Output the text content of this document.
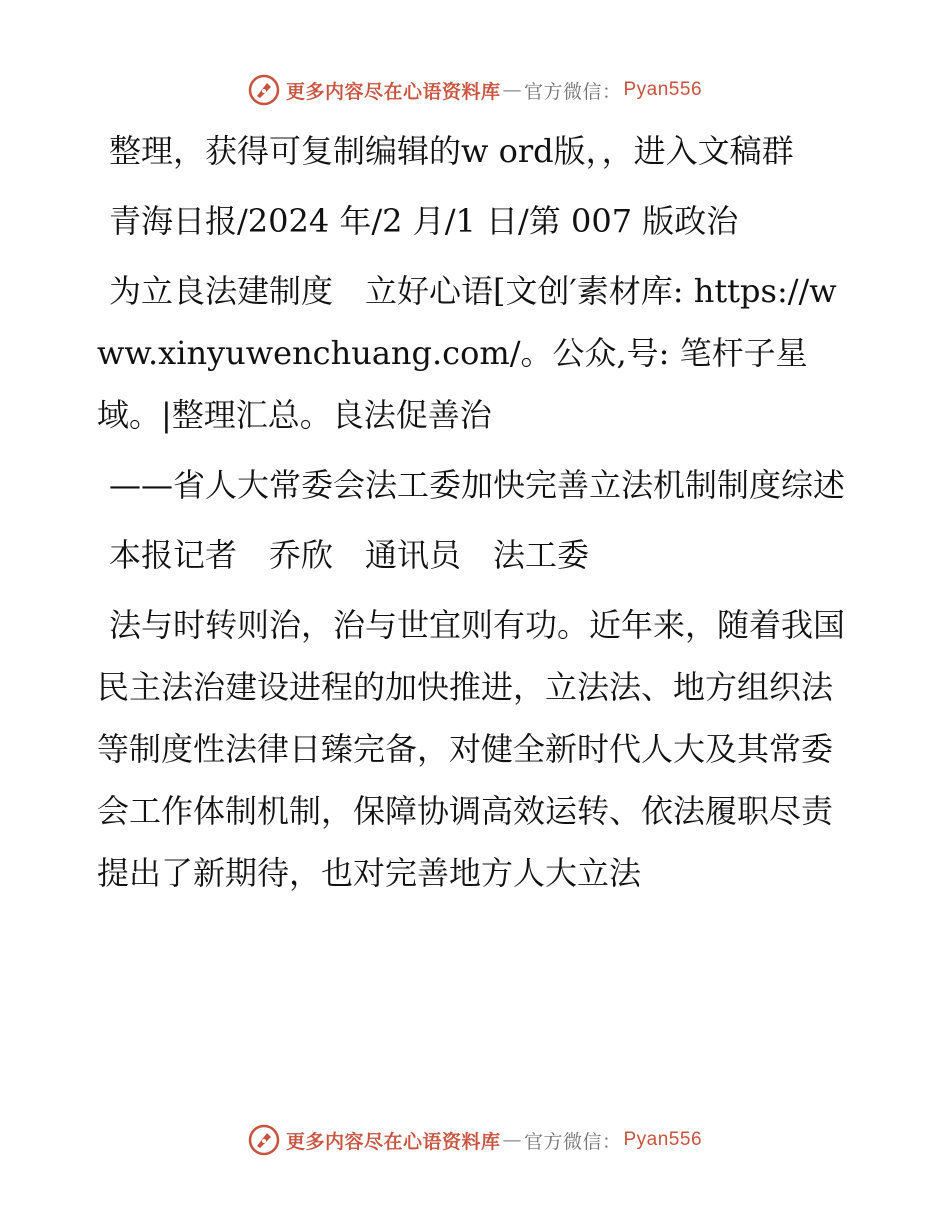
更多内容尽在心语资料库 — 官方微信： Pyan556

整理，获得可复制编辑的w ord版，，进入文稿群

青海日报/2024 年/2 月/1 日/第 007 版政治

为立良法建制度　立好心语[文创′素材库: https://www.xinyuwenchuang.com/。公众,号: 笔杆子星域。|整理汇总。良法促善治

——省人大常委会法工委加快完善立法机制制度综述

本报记者　乔欣　通讯员　法工委

法与时转则治，治与世宜则有功。近年来，随着我国民主法治建设进程的加快推进，立法法、地方组织法等制度性法律日臻完备，对健全新时代人大及其常委会工作体制机制，保障协调高效运转、依法履职尽责提出了新期待，也对完善地方人大立法

更多内容尽在心语资料库 — 官方微信： Pyan556
